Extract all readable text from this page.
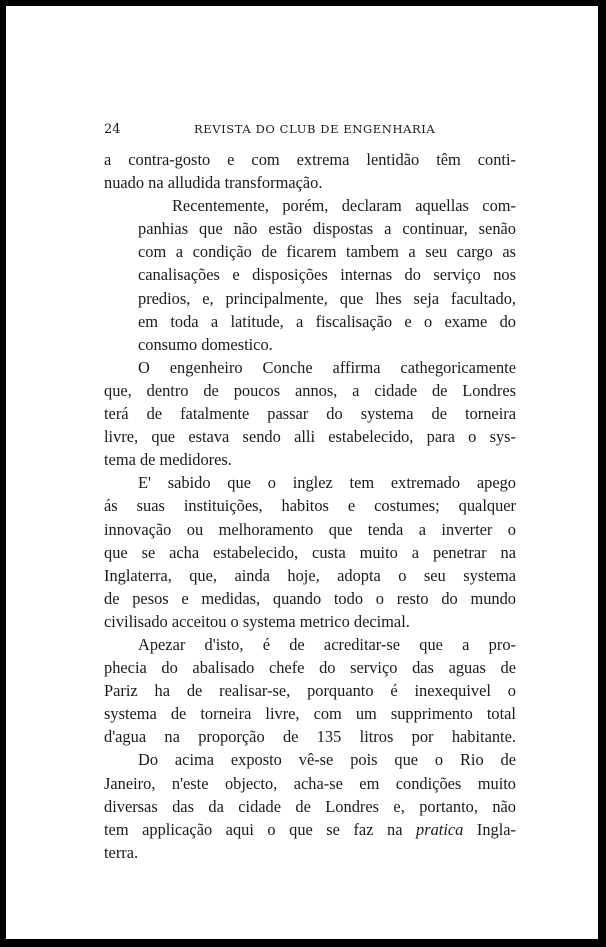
24	REVISTA DO CLUB DE ENGENHARIA

a contra-gosto e com extrema lentidão têm conti-
nuado na alludida transformação.

Recentemente, porém, declaram aquellas com-
panhias que não estão dispostas a continuar, senão
com a condição de ficarem tambem a seu cargo as
canalisações e disposições internas do serviço nos
predios, e, principalmente, que lhes seja facultado,
em toda a latitude, a fiscalisação e o exame do
consumo domestico.

O engenheiro Conche affirma cathegoricamente
que, dentro de poucos annos, a cidade de Londres
terá de fatalmente passar do systema de torneira
livre, que estava sendo alli estabelecido, para o sys-
tema de medidores.

E' sabido que o inglez tem extremado apego
ás suas instituições, habitos e costumes; qualquer
innovação ou melhoramento que tenda a inverter o
que se acha estabelecido, custa muito a penetrar na
Inglaterra, que, ainda hoje, adopta o seu systema
de pesos e medidas, quando todo o resto do mundo
civilisado acceitou o systema metrico decimal.

Apezar d'isto, é de acreditar-se que a pro-
phecia do abalisado chefe do serviço das aguas de
Pariz ha de realisar-se, porquanto é inexequivel o
systema de torneira livre, com um supprimento total
d'agua na proporção de 135 litros por habitante.

Do acima exposto vê-se pois que o Rio de
Janeiro, n'este objecto, acha-se em condições muito
diversas das da cidade de Londres e, portanto, não
tem applicação aqui o que se faz na pratica Ingla-
terra.
